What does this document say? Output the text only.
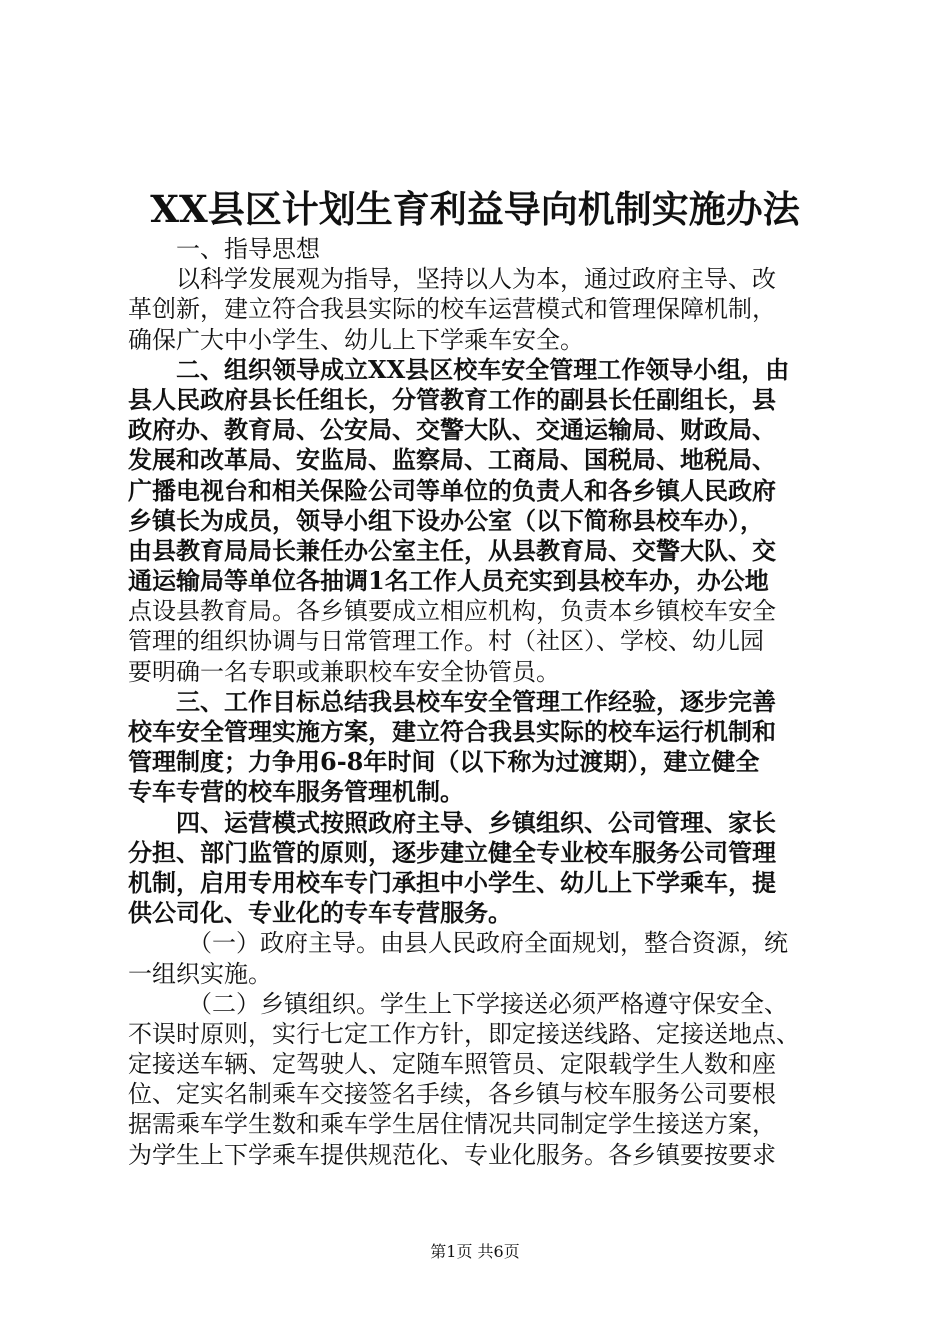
XX县区计划生育利益导向机制实施办法
一、指导思想
以科学发展观为指导，坚持以人为本，通过政府主导、改
革创新，建立符合我县实际的校车运营模式和管理保障机制，
确保广大中小学生、幼儿上下学乘车安全。
二、组织领导成立XX县区校车安全管理工作领导小组，由
县人民政府县长任组长，分管教育工作的副县长任副组长，县
政府办、教育局、公安局、交警大队、交通运输局、财政局、
发展和改革局、安监局、监察局、工商局、国税局、地税局、
广播电视台和相关保险公司等单位的负责人和各乡镇人民政府
乡镇长为成员，领导小组下设办公室（以下简称县校车办），
由县教育局局长兼任办公室主任，从县教育局、交警大队、交
通运输局等单位各抽调1名工作人员充实到县校车办，办公地
点设县教育局。各乡镇要成立相应机构，负责本乡镇校车安全
管理的组织协调与日常管理工作。村（社区）、学校、幼儿园
要明确一名专职或兼职校车安全协管员。
三、工作目标总结我县校车安全管理工作经验，逐步完善
校车安全管理实施方案，建立符合我县实际的校车运行机制和
管理制度；力争用6-8年时间（以下称为过渡期），建立健全
专车专营的校车服务管理机制。
四、运营模式按照政府主导、乡镇组织、公司管理、家长
分担、部门监管的原则，逐步建立健全专业校车服务公司管理
机制，启用专用校车专门承担中小学生、幼儿上下学乘车，提
供公司化、专业化的专车专营服务。
（一）政府主导。由县人民政府全面规划，整合资源，统
一组织实施。
（二）乡镇组织。学生上下学接送必须严格遵守保安全、
不误时原则，实行七定工作方针，即定接送线路、定接送地点、
定接送车辆、定驾驶人、定随车照管员、定限载学生人数和座
位、定实名制乘车交接签名手续，各乡镇与校车服务公司要根
据需乘车学生数和乘车学生居住情况共同制定学生接送方案，
为学生上下学乘车提供规范化、专业化服务。各乡镇要按要求
第1页 共6页
